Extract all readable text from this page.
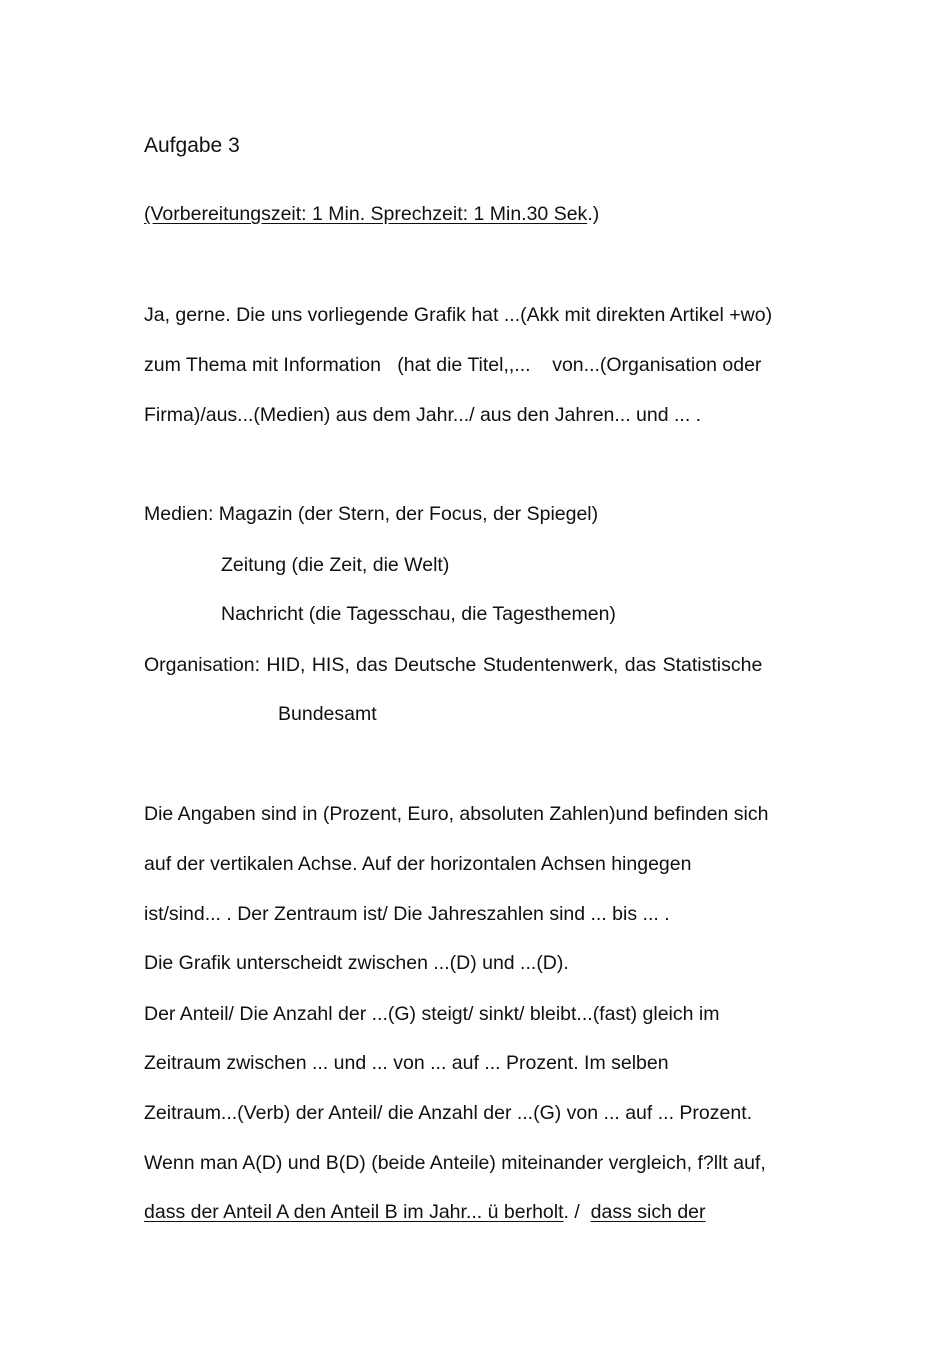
Aufgabe 3
(Vorbereitungszeit: 1 Min. Sprechzeit: 1 Min.30 Sek.)
Ja, gerne. Die uns vorliegende Grafik hat ...(Akk mit direkten Artikel +wo)
zum Thema mit Information   (hat die Titel,,...    von...(Organisation oder
Firma)/aus...(Medien) aus dem Jahr.../ aus den Jahren... und ... .
Medien: Magazin (der Stern, der Focus, der Spiegel)
Zeitung (die Zeit, die Welt)
Nachricht (die Tagesschau, die Tagesthemen)
Organisation: HID, HIS, das Deutsche Studentenwerk, das Statistische
Bundesamt
Die Angaben sind in (Prozent, Euro, absoluten Zahlen)und befinden sich
auf der vertikalen Achse. Auf der horizontalen Achsen hingegen
ist/sind... . Der Zentraum ist/ Die Jahreszahlen sind ... bis ... .
Die Grafik unterscheidt zwischen ...(D) und ...(D).
Der Anteil/ Die Anzahl der ...(G) steigt/ sinkt/ bleibt...(fast) gleich im
Zeitraum zwischen ... und ... von ... auf ... Prozent. Im selben
Zeitraum...(Verb) der Anteil/ die Anzahl der ...(G) von ... auf ... Prozent.
Wenn man A(D) und B(D) (beide Anteile) miteinander vergleich, f?llt auf,
dass der Anteil A den Anteil B im Jahr... ü berholt. / dass sich der
